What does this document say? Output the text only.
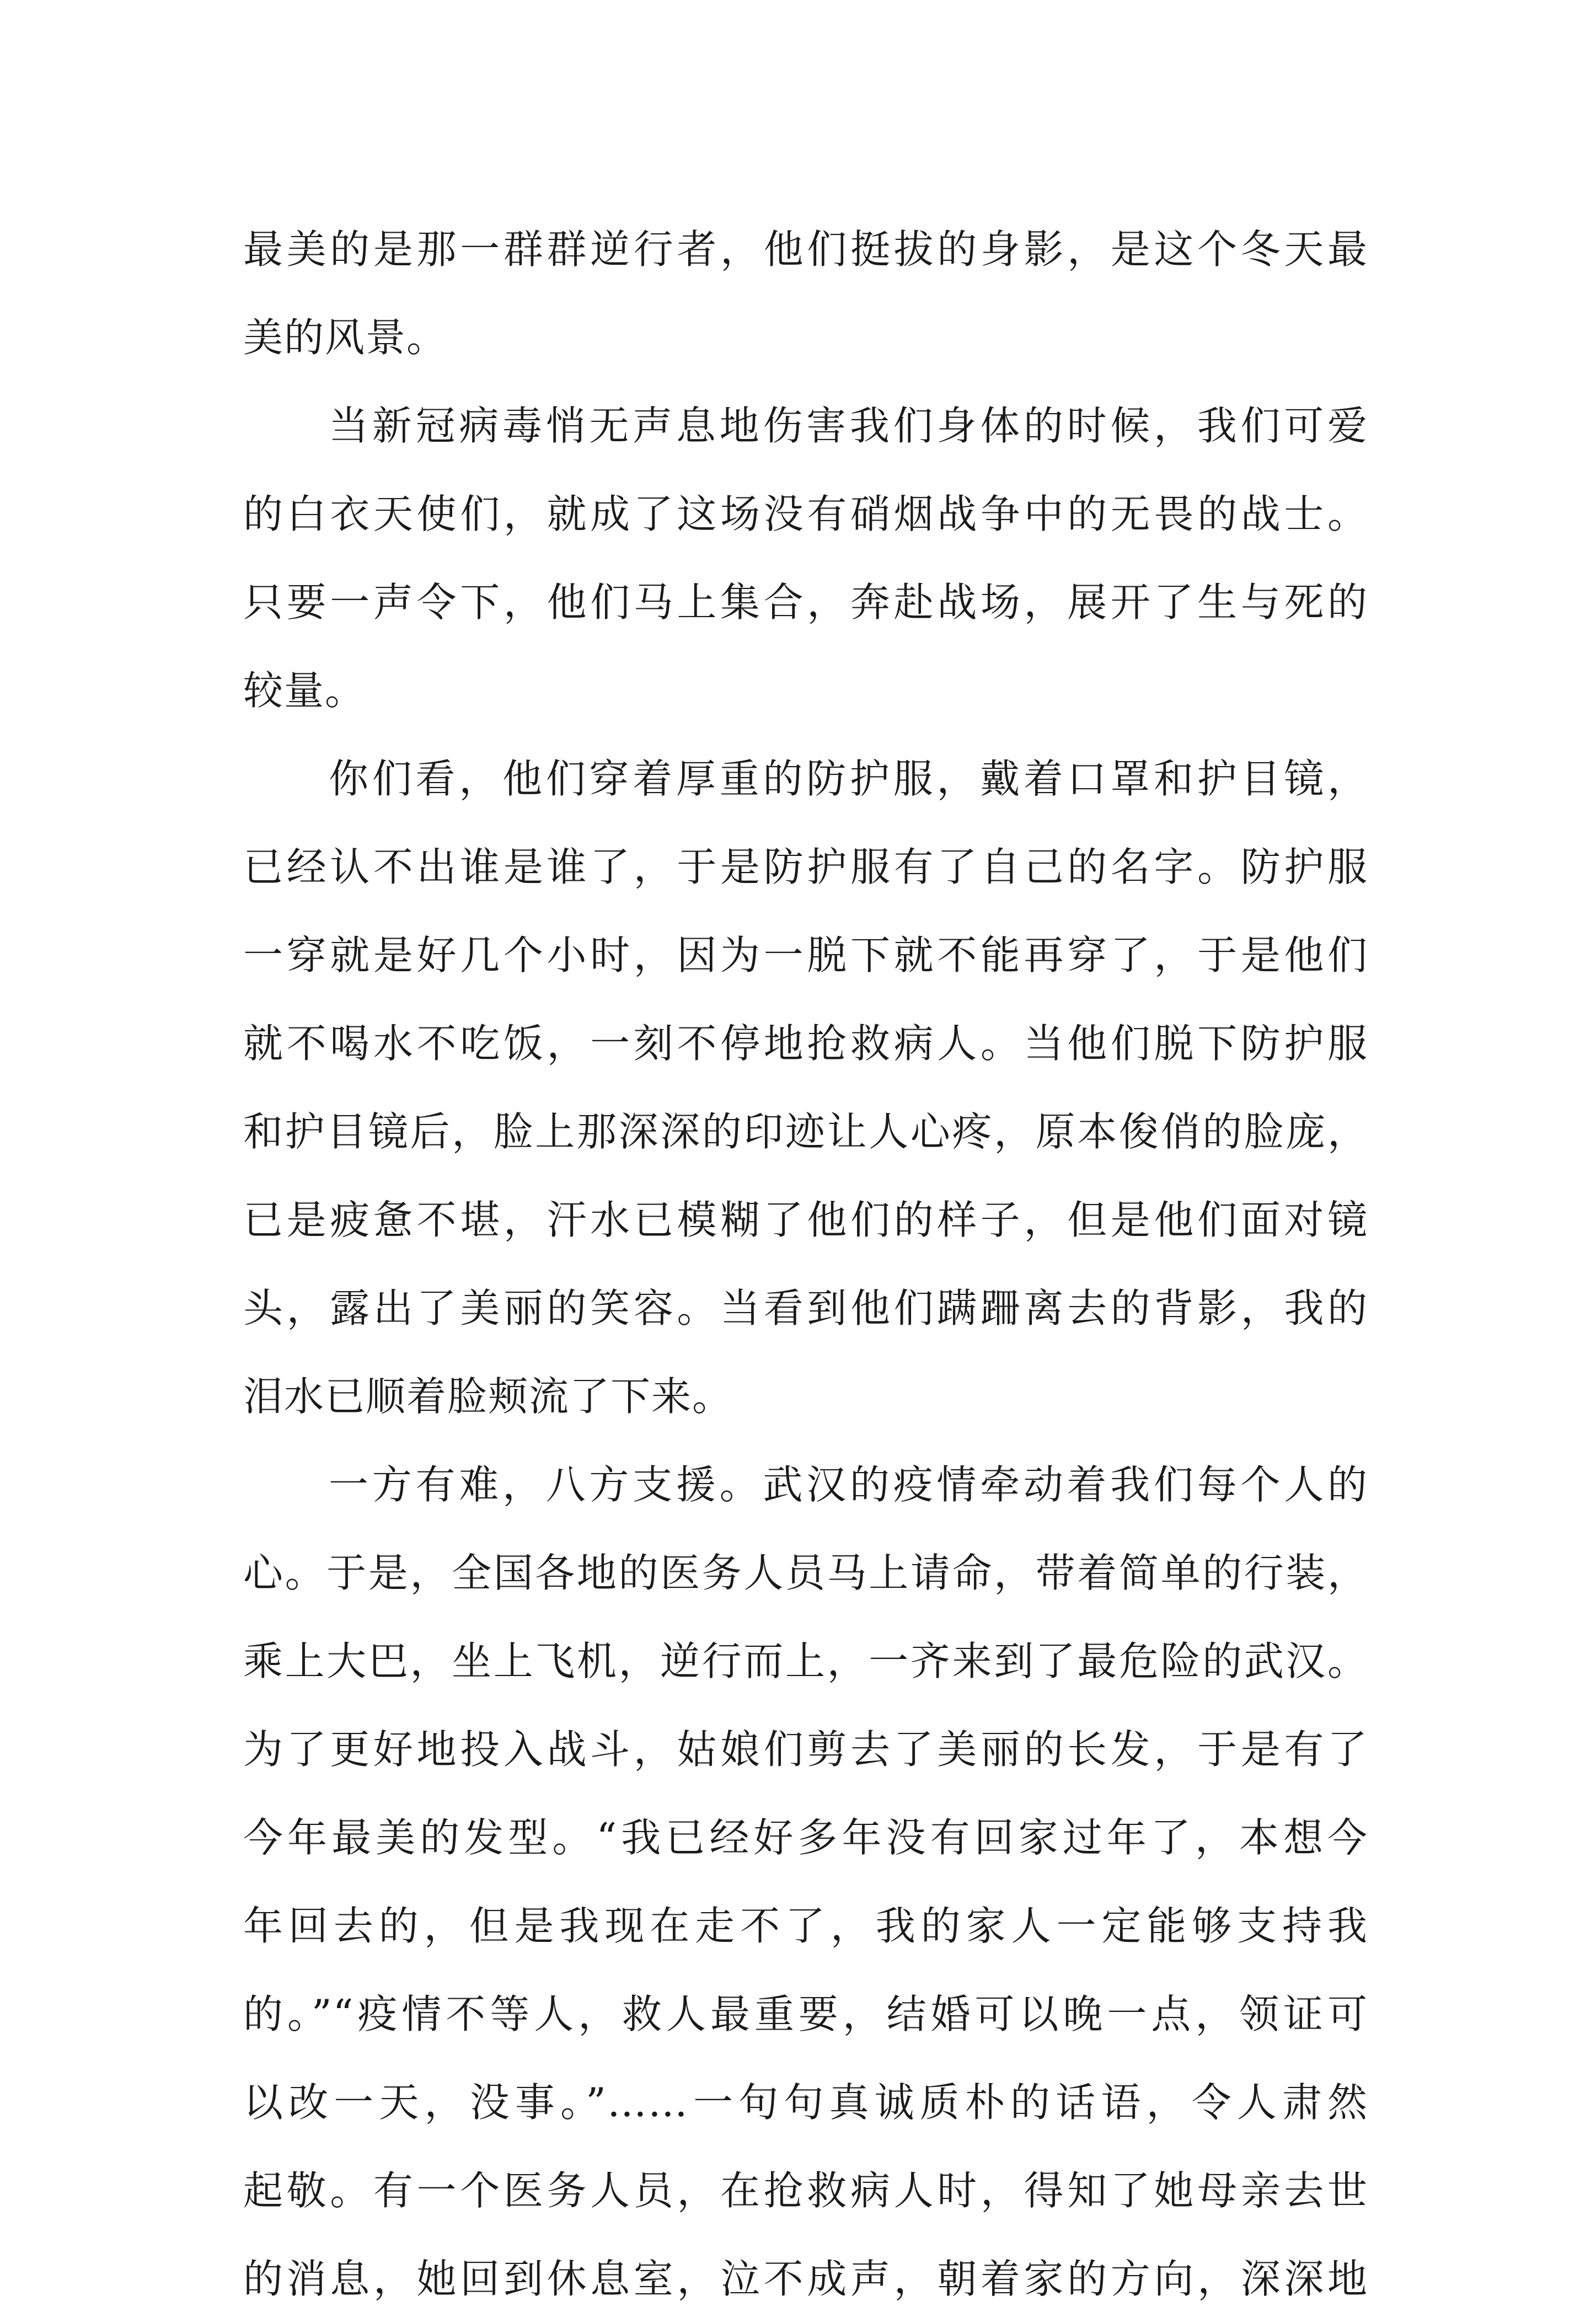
最美的是那一群群逆行者，他们挺拔的身影，是这个冬天最
美的风景。
当新冠病毒悄无声息地伤害我们身体的时候，我们可爱
的白衣天使们，就成了这场没有硝烟战争中的无畏的战士。
只要一声令下，他们马上集合，奔赴战场，展开了生与死的
较量。
你们看，他们穿着厚重的防护服，戴着口罩和护目镜，
已经认不出谁是谁了，于是防护服有了自己的名字。防护服
一穿就是好几个小时，因为一脱下就不能再穿了，于是他们
就不喝水不吃饭，一刻不停地抢救病人。当他们脱下防护服
和护目镜后，脸上那深深的印迹让人心疼，原本俊俏的脸庞，
已是疲惫不堪，汗水已模糊了他们的样子，但是他们面对镜
头，露出了美丽的笑容。当看到他们蹒跚离去的背影，我的
泪水已顺着脸颊流了下来。
一方有难，八方支援。武汉的疫情牵动着我们每个人的
心。于是，全国各地的医务人员马上请命，带着简单的行装，
乘上大巴，坐上飞机，逆行而上，一齐来到了最危险的武汉。
为了更好地投入战斗，姑娘们剪去了美丽的长发，于是有了
今年最美的发型。“我已经好多年没有回家过年了，本想今
年回去的，但是我现在走不了，我的家人一定能够支持我
的。”“疫情不等人，救人最重要，结婚可以晚一点，领证可
以改一天，没事。”……一句句真诚质朴的话语，令人肃然
起敬。有一个医务人员，在抢救病人时，得知了她母亲去世
的消息，她回到休息室，泣不成声，朝着家的方向，深深地
